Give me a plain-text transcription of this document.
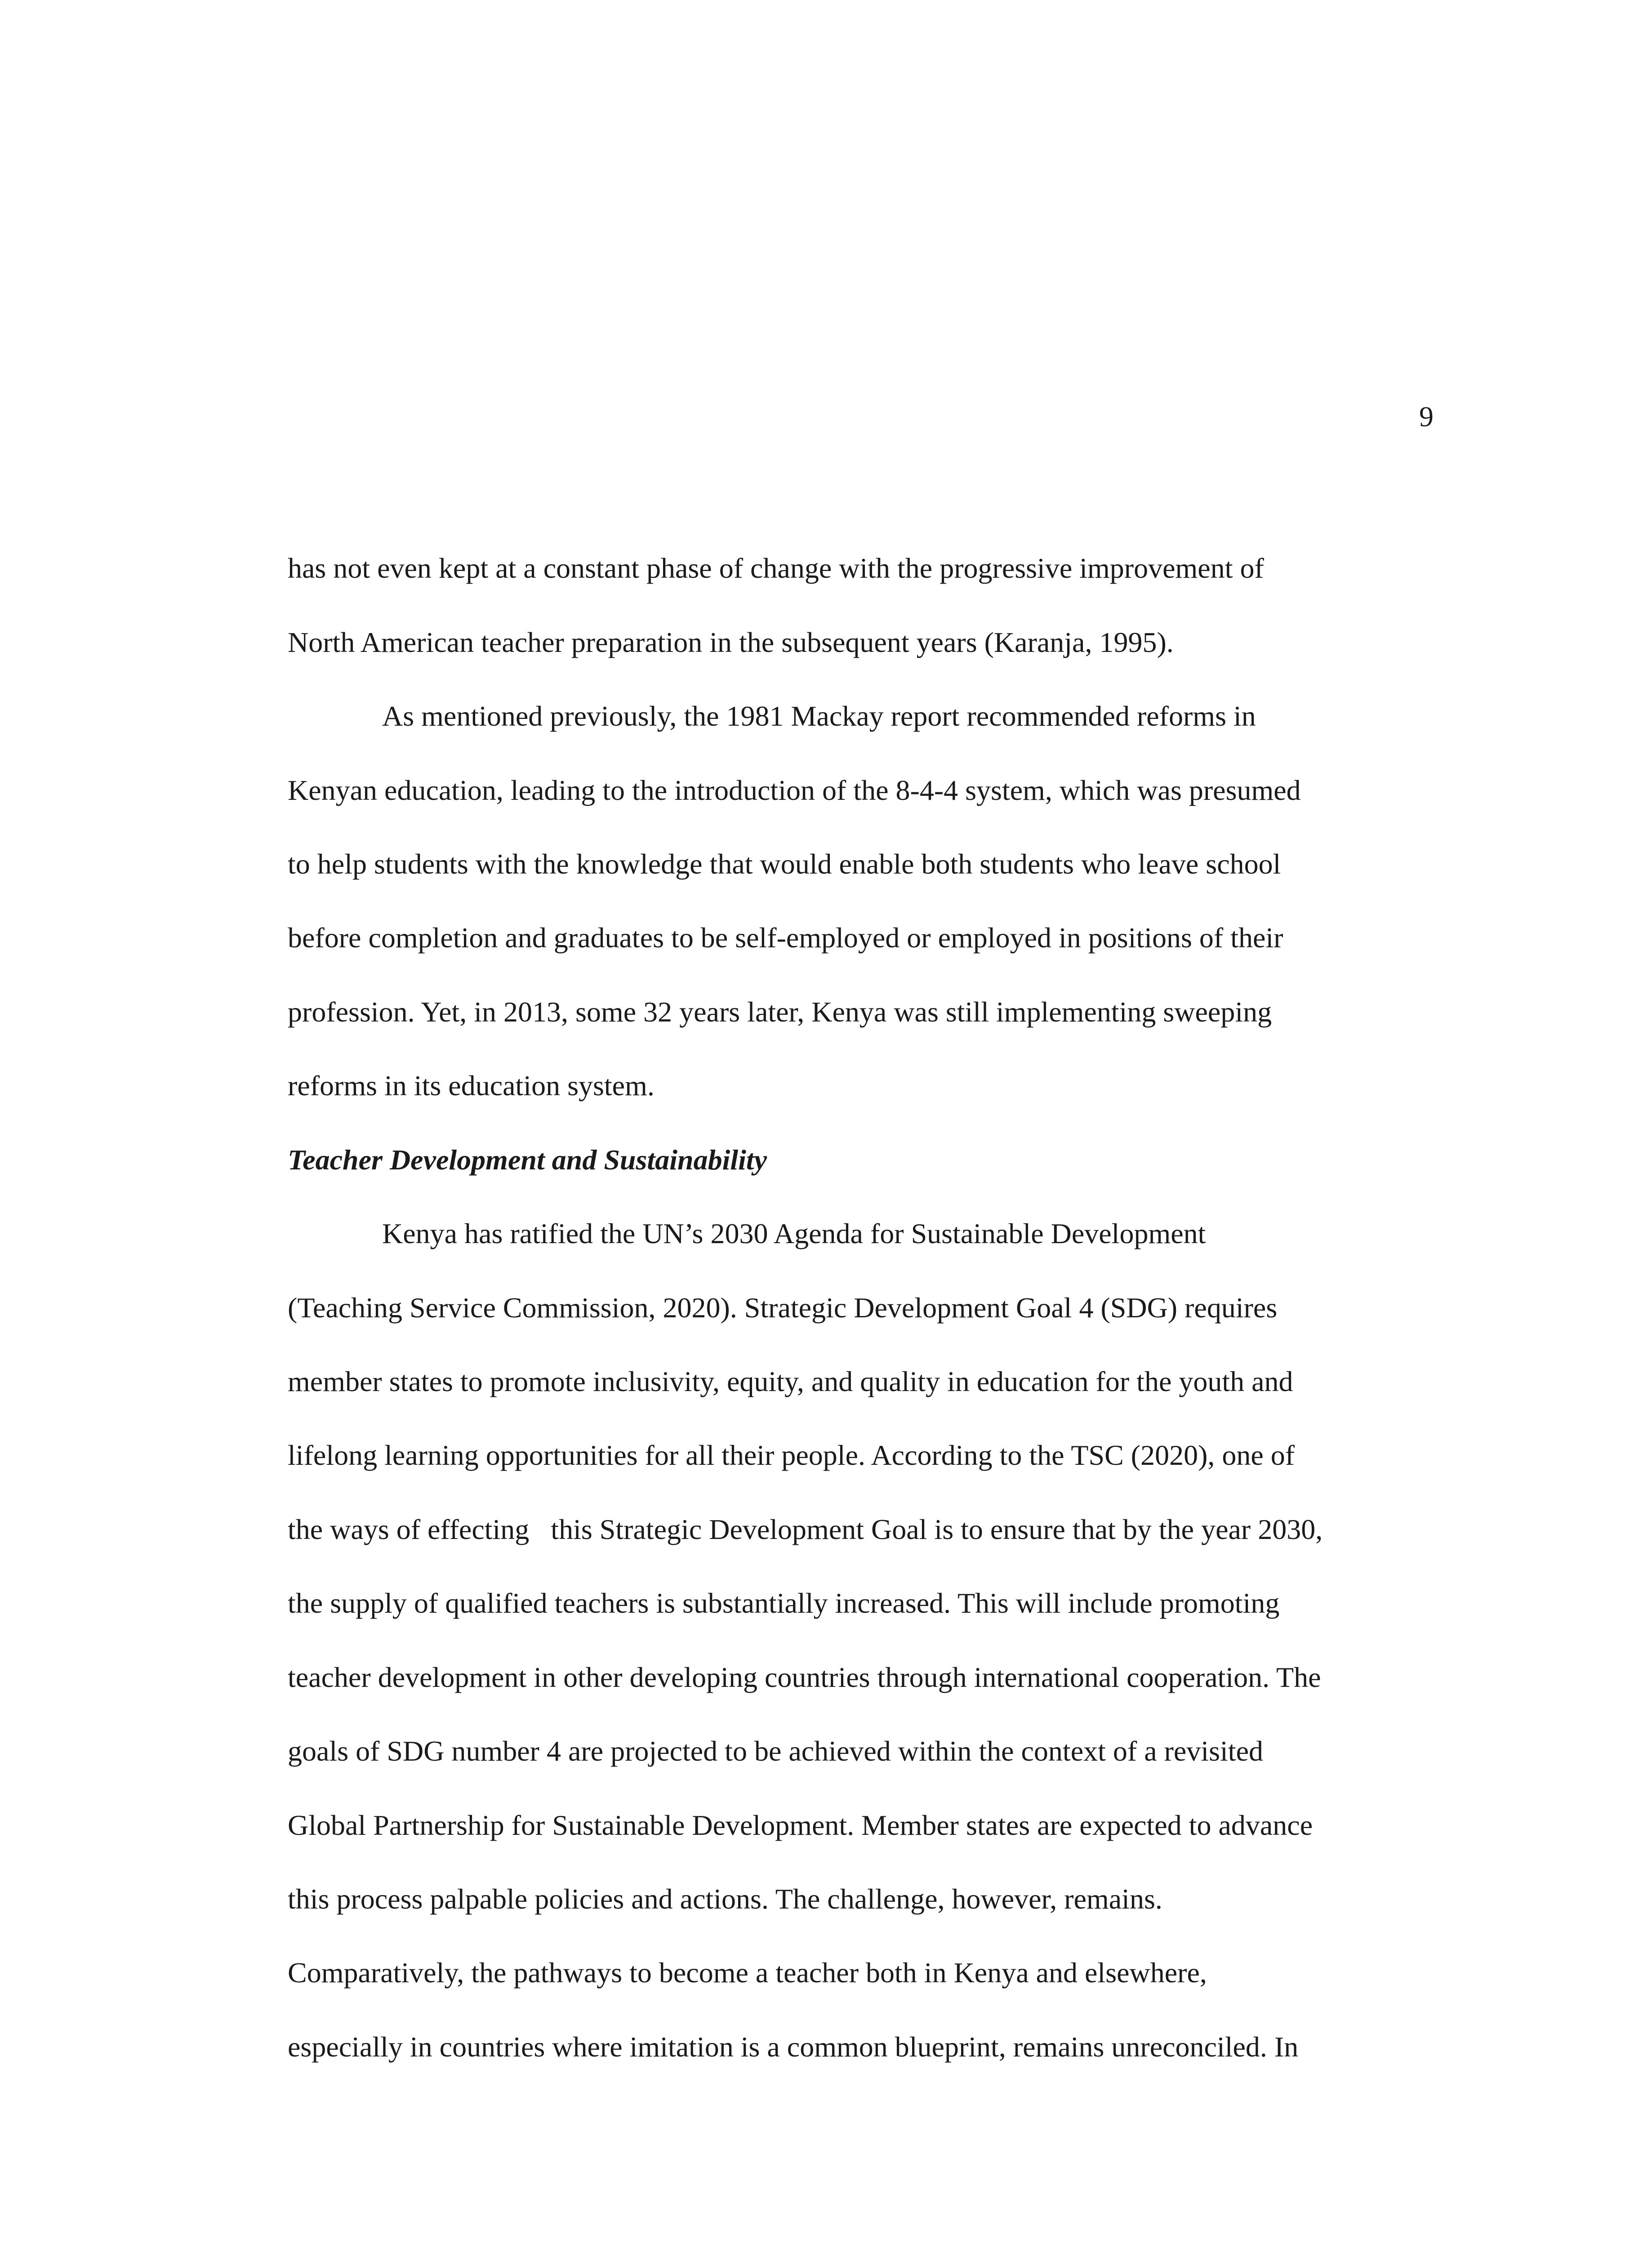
9

has not even kept at a constant phase of change with the progressive improvement of

North American teacher preparation in the subsequent years (Karanja, 1995).

As mentioned previously, the 1981 Mackay report recommended reforms in

Kenyan education, leading to the introduction of the 8-4-4 system, which was presumed

to help students with the knowledge that would enable both students who leave school

before completion and graduates to be self-employed or employed in positions of their

profession. Yet, in 2013, some 32 years later, Kenya was still implementing sweeping

reforms in its education system.

Teacher Development and Sustainability

Kenya has ratified the UN’s 2030 Agenda for Sustainable Development

(Teaching Service Commission, 2020). Strategic Development Goal 4 (SDG) requires

member states to promote inclusivity, equity, and quality in education for the youth and

lifelong learning opportunities for all their people. According to the TSC (2020), one of

the ways of effecting   this Strategic Development Goal is to ensure that by the year 2030,

the supply of qualified teachers is substantially increased. This will include promoting

teacher development in other developing countries through international cooperation. The

goals of SDG number 4 are projected to be achieved within the context of a revisited

Global Partnership for Sustainable Development. Member states are expected to advance

this process palpable policies and actions. The challenge, however, remains.

Comparatively, the pathways to become a teacher both in Kenya and elsewhere,

especially in countries where imitation is a common blueprint, remains unreconciled. In
